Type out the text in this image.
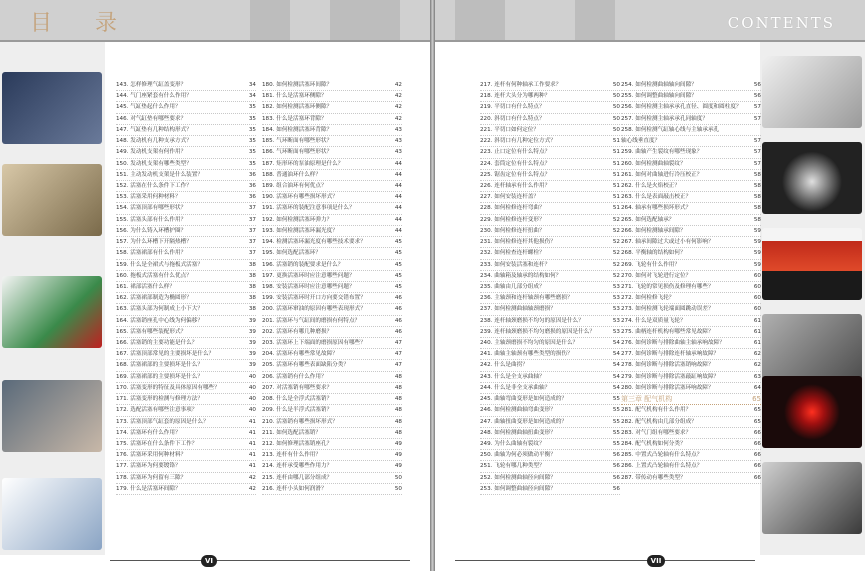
目 录
143. 怎样修理气缸盖变形？	34
144. 气门座紧套有什么作用？	34
145. 气缸垫起什么作用？	35
146. 对气缸垫有哪些要求？	35
147. 气缸垫有几种结构形式？	35
148. 发动机有几种支承方式？	35
149. 发动机支架有何作用？	35
150. 发动机支架有哪些类型？	35
151. 主动发动机支架是什么装置？	36
152. 活塞在什么条件下工作？	36
153. 活塞采用何种材料？	36
154. 活塞顶部有哪些形状？	37
155. 活塞头部有什么作用？	37
156. 为什么铸入环槽护圈？	37
157. 为什么环槽下开隔热槽？	37
158. 活塞裙部有什么作用？	37
159. 什么是全裙式与拖板式活塞？	38
160. 拖板式活塞有什么优点？	38
161. 裙部活塞什么样？	38
162. 活塞裙部制造为椭圆形？	38
163. 活塞头部为何制成上小下大？	38
164. 活塞销座孔中心线为何偏移？	39
165. 活塞有哪些装配形式？	39
166. 活塞销的主要功能是什么？	39
167. 活塞顶部常见的主要损坏是什么？	39
168. 活塞裙部的主要损坏是什么？	39
169. 活塞裙部的主要损坏是什么？	40
170. 活塞变形的特征及具体原因有哪些？	40
171. 活塞变形的检测与修理方法？	40
172. 选配活塞有哪些注意事项？	40
173. 活塞顶部气缸套的原因是什么？	41
174. 活塞环有什么作用？	41
175. 活塞环在什么条件下工作？	41
176. 活塞环采用何种材料？	41
177. 活塞环为何要镀铬？	41
178. 活塞环为何留有三隙？	42
179. 什么是活塞环间隙？	42
180. 如何检测活塞环间隙？	42
181. 什么是活塞环侧隙？	42
182. 如何检测活塞环侧隙？	42
183. 什么是活塞环背隙？	42
184. 如何检测活塞环背隙？	43
185. 气环断面有哪些形状？	43
186. 气环断面有哪些形状？	43
187. 矩形环的泵油原理是什么？	44
188. 普通油环什么样？	44
189. 组合油环有何优点？	44
190. 活塞环有哪些损坏形式？	44
191. 活塞环的装配注意事项是什么？	44
192. 如何检测活塞环弹力？	44
193. 如何检测活塞环漏光度？	44
194. 检测活塞环漏光度有哪些技术要求？	45
195. 如何选配活塞环？	45
196. 活塞销的装配要求是什么？	45
197. 更换活塞环时应注意哪些问题？	45
198. 安装活塞环时应注意哪些问题？	45
199. 安装活塞环时开口方向要交错布置？	46
200. 活塞环窜油的原因有哪些表现形式？	46
201. 活塞环与气缸间的磨损有何特点？	46
202. 活塞环有哪几种磨损？	46
203. 活塞环上下端面的磨损原因有哪些？	47
204. 活塞环有哪些常见故障？	47
205. 活塞环有哪些表面缺陷分类？	47
206. 活塞销有什么作用？	48
207. 对活塞销有哪些要求？	48
208. 什么是全浮式活塞销？	48
209. 什么是半浮式活塞销？	48
210. 活塞销有哪些损坏形式？	48
211. 如何选配活塞销？	48
212. 如何修理活塞销座孔？	49
213. 连杆有什么作用？	49
214. 连杆承受哪些作用力？	49
215. 连杆由哪几部分组成？	50
216. 连杆小头如何润滑？	50
VI
CONTENTS
217. 连杆有何种轴承工作要求？	50
218. 连杆大头分为哪两种？	50
219. 平切口有什么特点？	50
220. 斜切口有什么特点？	50
221. 平切口如何定位？	50
222. 斜切口有几种定位方式？	51
223. 止口定位有什么特点？	51
224. 套筒定位有什么特点？	51
225. 锯齿定位有什么特点？	51
226. 连杆轴承有什么作用？	51
227. 如何安装连杆盖？	51
228. 如何检修连杆弯曲？	51
229. 如何检修连杆变形？	52
230. 如何检修连杆扭曲？	52
231. 如何检修连杆其他损伤？	52
232. 如何检查连杆螺栓？	52
233. 如何安装活塞和连杆？	52
234. 曲轴箱及轴承的结构如何？	52
235. 曲轴由几部分组成？	53
236. 主轴颈和连杆轴颈有哪些磨损？	53
237. 如何检测曲轴轴颈磨损？	53
238. 连杆轴颈磨损不均匀的原因是什么？	53
239. 连杆轴颈磨损不均匀磨损的原因是什么？	53
240. 主轴颈磨损不均匀的原因是什么？	54
241. 曲轴主轴颈有哪些类型的损伤？	54
242. 什么是曲拐？	54
243. 什么是全支承曲轴？	54
244. 什么是非全支承曲轴？	54
245. 曲轴弯曲变形是如何造成的？	55
246. 如何检测曲轴弯曲变形？	55
247. 曲轴扭曲变形是如何造成的？	55
248. 如何检测曲轴扭曲变形？	55
249. 为什么曲轴有裂纹？	55
250. 曲轴为何必须做动平衡？	56
251. 飞轮有哪几种类型？	56
252. 如何检测曲轴径向间隙？	56
253. 如何调整曲轴径向间隙？	56
254. 如何检测曲轴轴向间隙？	56
255. 如何调整曲轴轴向间隙？	56
256. 如何检测主轴承承孔直径、圆度和圆柱度？ 57
257. 如何检测主轴承承孔同轴度？	57
258. 如何检测气缸轴心线与主轴承承孔
轴心线垂直度？	57
259. 曲轴产生裂纹有哪些现象？	57
260. 如何检测曲轴裂纹？	57
261. 如何对曲轴进行冷压校正？	58
262. 什么是火焰校正？	58
263. 什么是表面敲击校正？	58
264. 轴承有哪些损坏形式？	58
265. 如何选配轴承？	58
266. 如何检测轴承间隙？	59
267. 轴承间隙过大或过小有何影响？	59
268. 平衡轴的结构如何？	59
269. 飞轮有什么作用？	59
270. 如何对飞轮进行定位？	60
271. 飞轮的常见损伤及修理有哪些？	60
272. 如何检修飞轮？	60
273. 如何检测飞轮端面圆跳动误差？	60
274. 什么是双质量飞轮？	61
275. 曲柄连杆机构有哪些常见故障？	61
276. 如何诊断与排除曲轴主轴承响故障？	61
277. 如何诊断与排除连杆轴承响故障？	62
278. 如何诊断与排除活塞销响故障？	62
279. 如何诊断与排除活塞敲缸响故障？	63
280. 如何诊断与排除活塞环响故障？	64
第三章 配气机构	65
281. 配气机构有什么作用？	65
282. 配气机构由几部分组成？	65
283. 对气门组有哪些要求？	66
284. 配气机构如何分类？	66
285. 中置式凸轮轴有什么特点？	66
286. 上置式凸轮轴有什么特点？	66
287. 带传动有哪些类型？	66
VII
